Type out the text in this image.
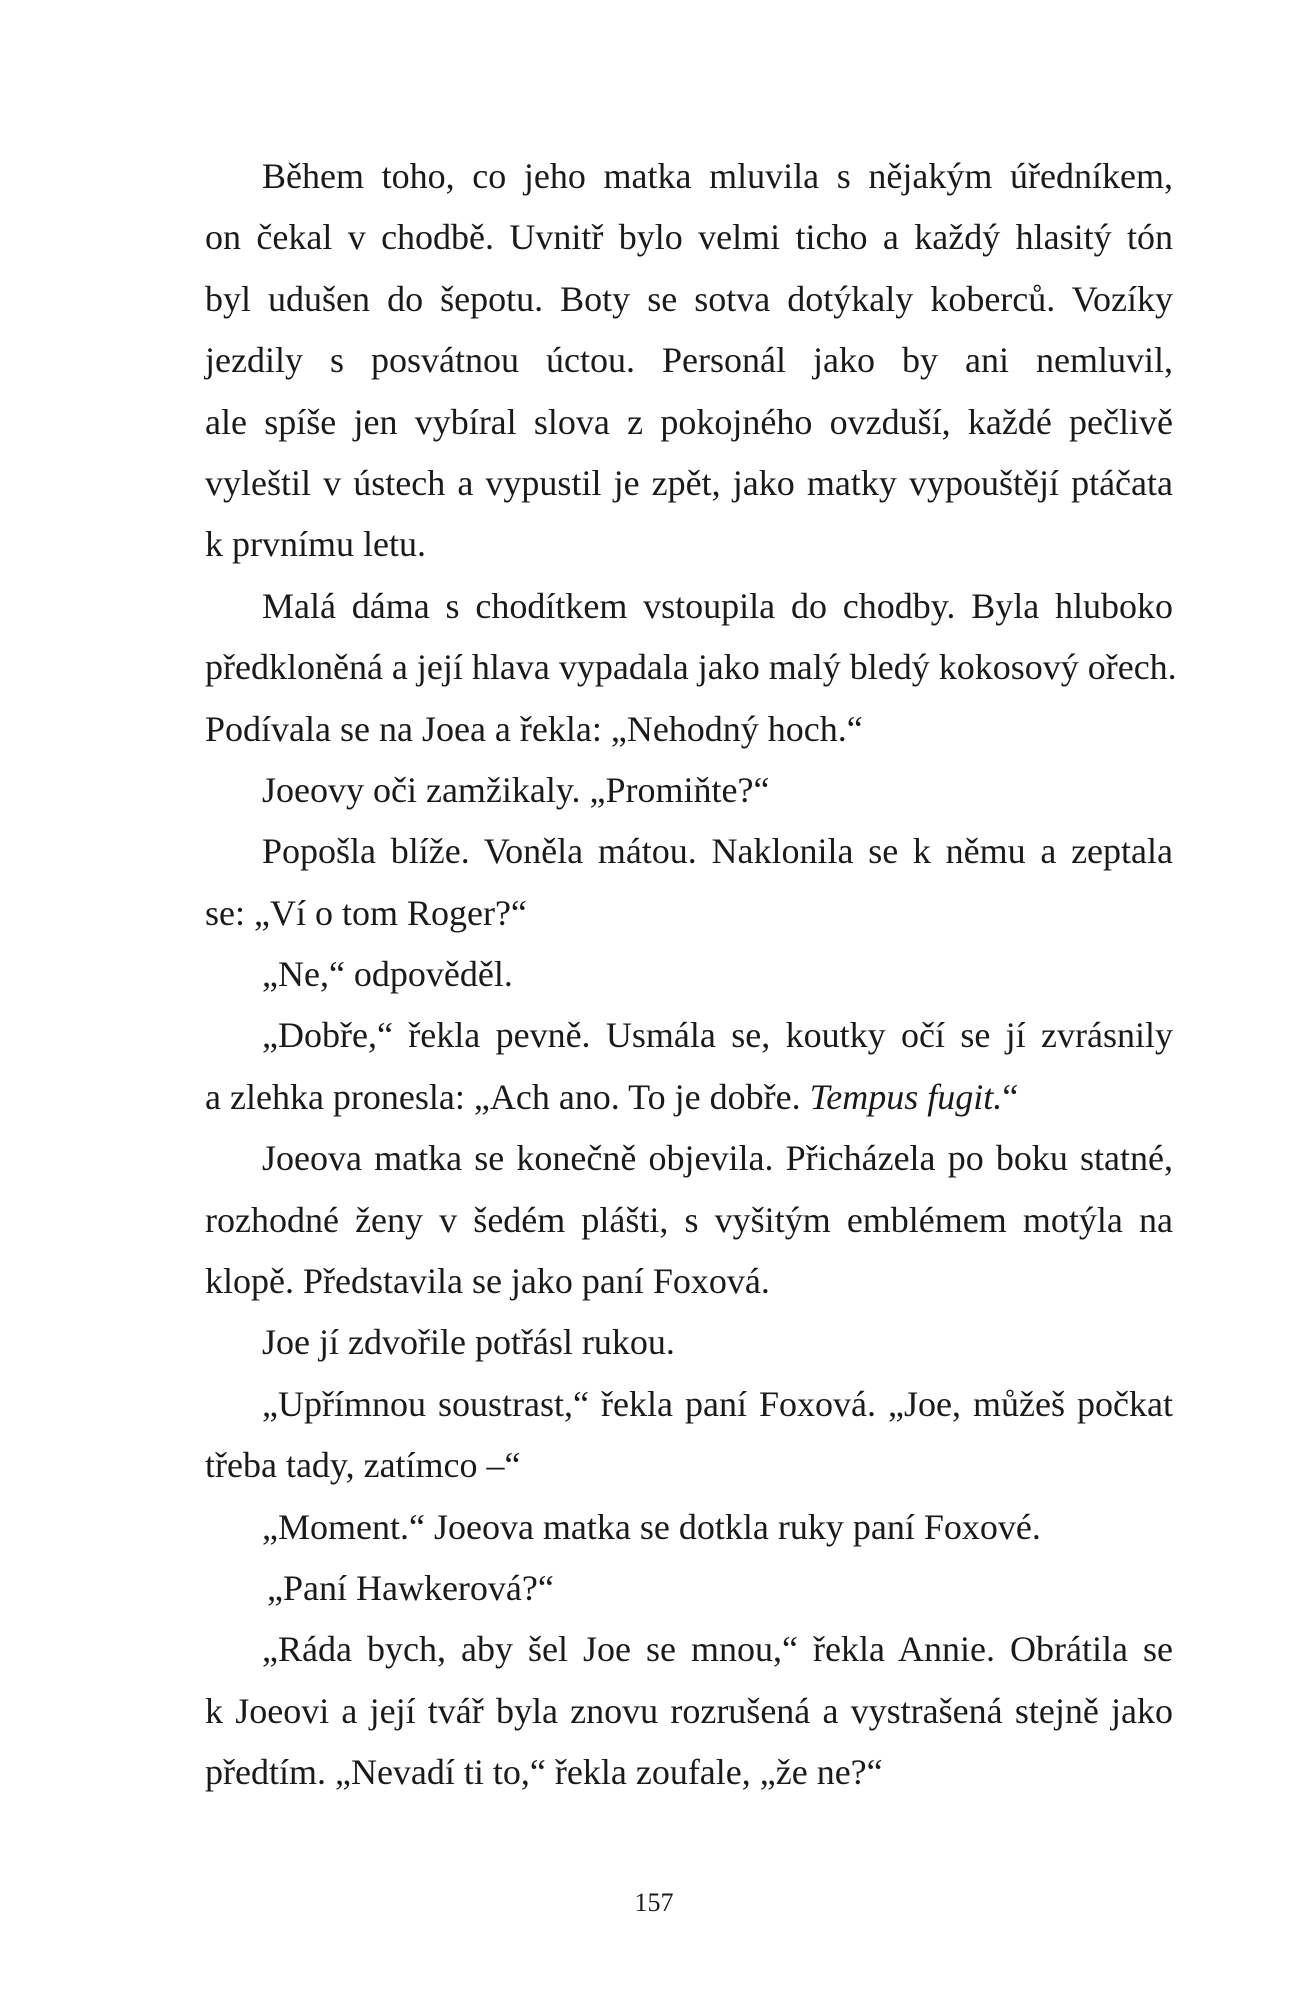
Během toho, co jeho matka mluvila s nějakým úředníkem,
on čekal v chodbě. Uvnitř bylo velmi ticho a každý hlasitý tón
byl udušen do šepotu. Boty se sotva dotýkaly koberců. Vozíky
jezdily s posvátnou úctou. Personál jako by ani nemluvil,
ale spíše jen vybíral slova z pokojného ovzduší, každé pečlivě
vyleštil v ústech a vypustil je zpět, jako matky vypouštějí ptáčata
k prvnímu letu.
Malá dáma s chodítkem vstoupila do chodby. Byla hluboko
předkloněná a její hlava vypadala jako malý bledý kokosový ořech.
Podívala se na Joea a řekla: „Nehodný hoch.“
Joeovy oči zamžikaly. „Promiňte?“
Popošla blíže. Voněla mátou. Naklonila se k němu a zeptala
se: „Ví o tom Roger?“
„Ne,“ odpověděl.
„Dobře,“ řekla pevně. Usmála se, koutky očí se jí zvrásnily
a zlehka pronesla: „Ach ano. To je dobře. Tempus fugit.“
Joeova matka se konečně objevila. Přicházela po boku statné,
rozhodné ženy v šedém plášti, s vyšitým emblémem motýla na
klopě. Představila se jako paní Foxová.
Joe jí zdvořile potřásl rukou.
„Upřímnou soustrast,“ řekla paní Foxová. „Joe, můžeš počkat
třeba tady, zatímco –“
„Moment.“ Joeova matka se dotkla ruky paní Foxové.
„Paní Hawkerová?“
„Ráda bych, aby šel Joe se mnou,“ řekla Annie. Obrátila se
k Joeovi a její tvář byla znovu rozrušená a vystrašená stejně jako
předtím. „Nevadí ti to,“ řekla zoufale, „že ne?“
157
